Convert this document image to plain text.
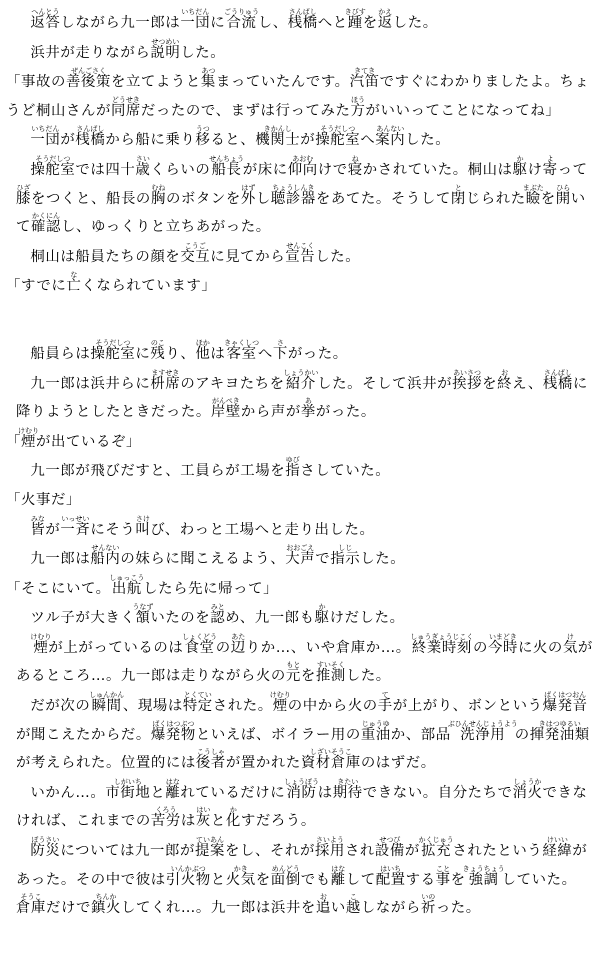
返答へんとうしながら九一郎は一団いちだんに合流ごうりゅうし、桟橋さんばしへと踵きびすを返かえした。

浜井が走りながら説明せつめいした。

「事故の善後策ぜんごさくを立てようと集あつまっていたんです。汽笛きてきですぐにわかりましたよ。ちょうど桐山さんが同席どうせきだったので、まずは行ってみた方ほうがいいってことになってね」

一団いちだんが桟橋さんばしから船に乗り移うつると、機関士きかんしが操舵室そうだしつへ案内あんないした。

操舵室そうだしつでは四十歳さいくらいの船長せんちょうが床に仰向あおむけで寝ねかされていた。桐山は駆かけ寄よって膝ひざをつくと、船長の胸むねのボタンを外はずし聴診器ちょうしんきをあてた。そうして閉とじられた瞼まぶたを開ひらいて確認かくにんし、ゆっくりと立ちあがった。

桐山は船員たちの顔を交互こうごに見てから宣告せんこくした。

「すでに亡なくなられています」

船員らは操舵室そうだしつに残のこり、他ほかは客室きゃくしつへ下さがった。

九一郎は浜井らに枡席ますせきのアキヨたちを紹介しょうかいした。そして浜井が挨拶あいさつを終おえ、桟橋さんばしに降りようとしたときだった。岸壁がんぺきから声が挙あがった。

「煙けむりが出ているぞ」

九一郎が飛びだすと、工員らが工場を指ゆびさしていた。

「火事だ」

皆みなが一斉いっせいにそう叫さけび、わっと工場へと走り出した。

九一郎は船内せんないの妹らに聞こえるよう、大声おおごえで指示しじした。

「そこにいて。出航しゅっこうしたら先に帰って」

ツル子が大きく頷うなずいたのを認みとめ、九一郎も駆かけだした。

煙けむりが上がっているのは食堂しょくどうの辺あたりか…、いや倉庫か…。終業時刻しゅうぎょうじこくの今時いまどきに火の気けがあるところ…。九一郎は走りながら火の元もとを推測すいそくした。

だが次の瞬間しゅんかん、現場は特定とくていされた。煙けむりの中から火の手てが上がり、ボンという爆発音ばくはつおんが聞こえたからだ。爆発物ばくはつぶつといえば、ボイラー用の重油じゅうゆか、部品洗浄用ぶひんせんじょうようの揮発油類きはつゆるいが考えられた。位置的には後者こうしゃが置かれた資材倉庫しざいそうこのはずだ。

いかん…。市街地しがいちと離はなれているだけに消防しょうぼうは期待きたいできない。自分たちで消火しょうかできなければ、これまでの苦労くろうは灰はいと化かすだろう。

防災ぼうさいについては九一郎が提案ていあんをし、それが採用さいようされ設備せつびが拡充かくじゅうされたという経緯けいいがあった。その中で彼は引火物いんかぶつと火気かきを面倒めんどうでも離はなして配置はいちする事ことを強調きょうちょうしていた。倉庫そうこだけで鎮火ちんかしてくれ…。九一郎は浜井を追おい越こしながら祈いのった。
